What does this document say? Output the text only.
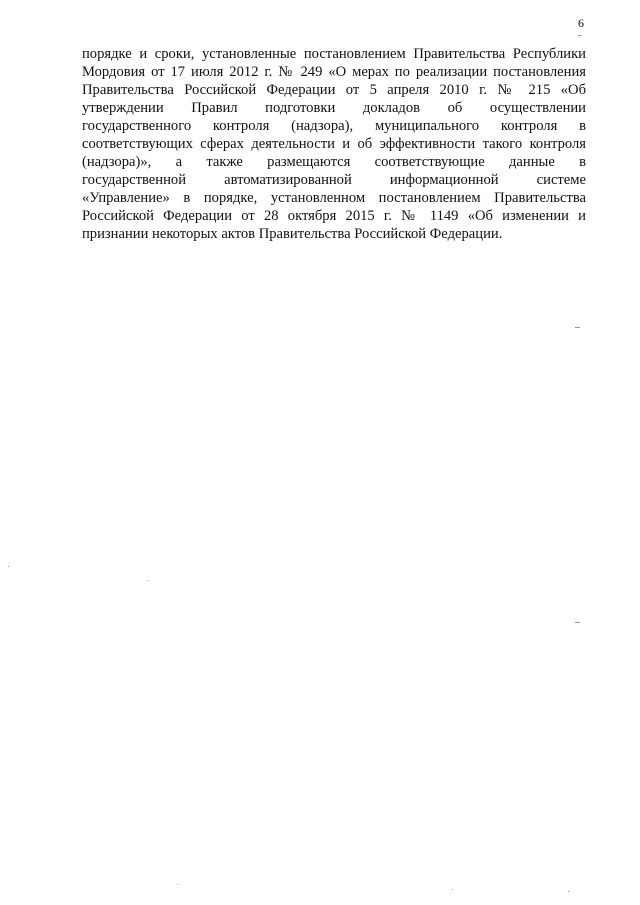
6
порядке и сроки, установленные постановлением Правительства Республики
Мордовия от 17 июля 2012 г. № 249 «О мерах по реализации постановления
Правительства Российской Федерации от 5 апреля 2010 г. № 215 «Об
утверждении Правил подготовки докладов об осуществлении
государственного контроля (надзора), муниципального контроля в
соответствующих сферах деятельности и об эффективности такого контроля
(надзора)», а также размещаются соответствующие данные в
государственной автоматизированной информационной системе
«Управление» в порядке, установленном постановлением Правительства
Российской Федерации от 28 октября 2015 г. № 1149 «Об изменении и
признании некоторых актов Правительства Российской Федерации.
